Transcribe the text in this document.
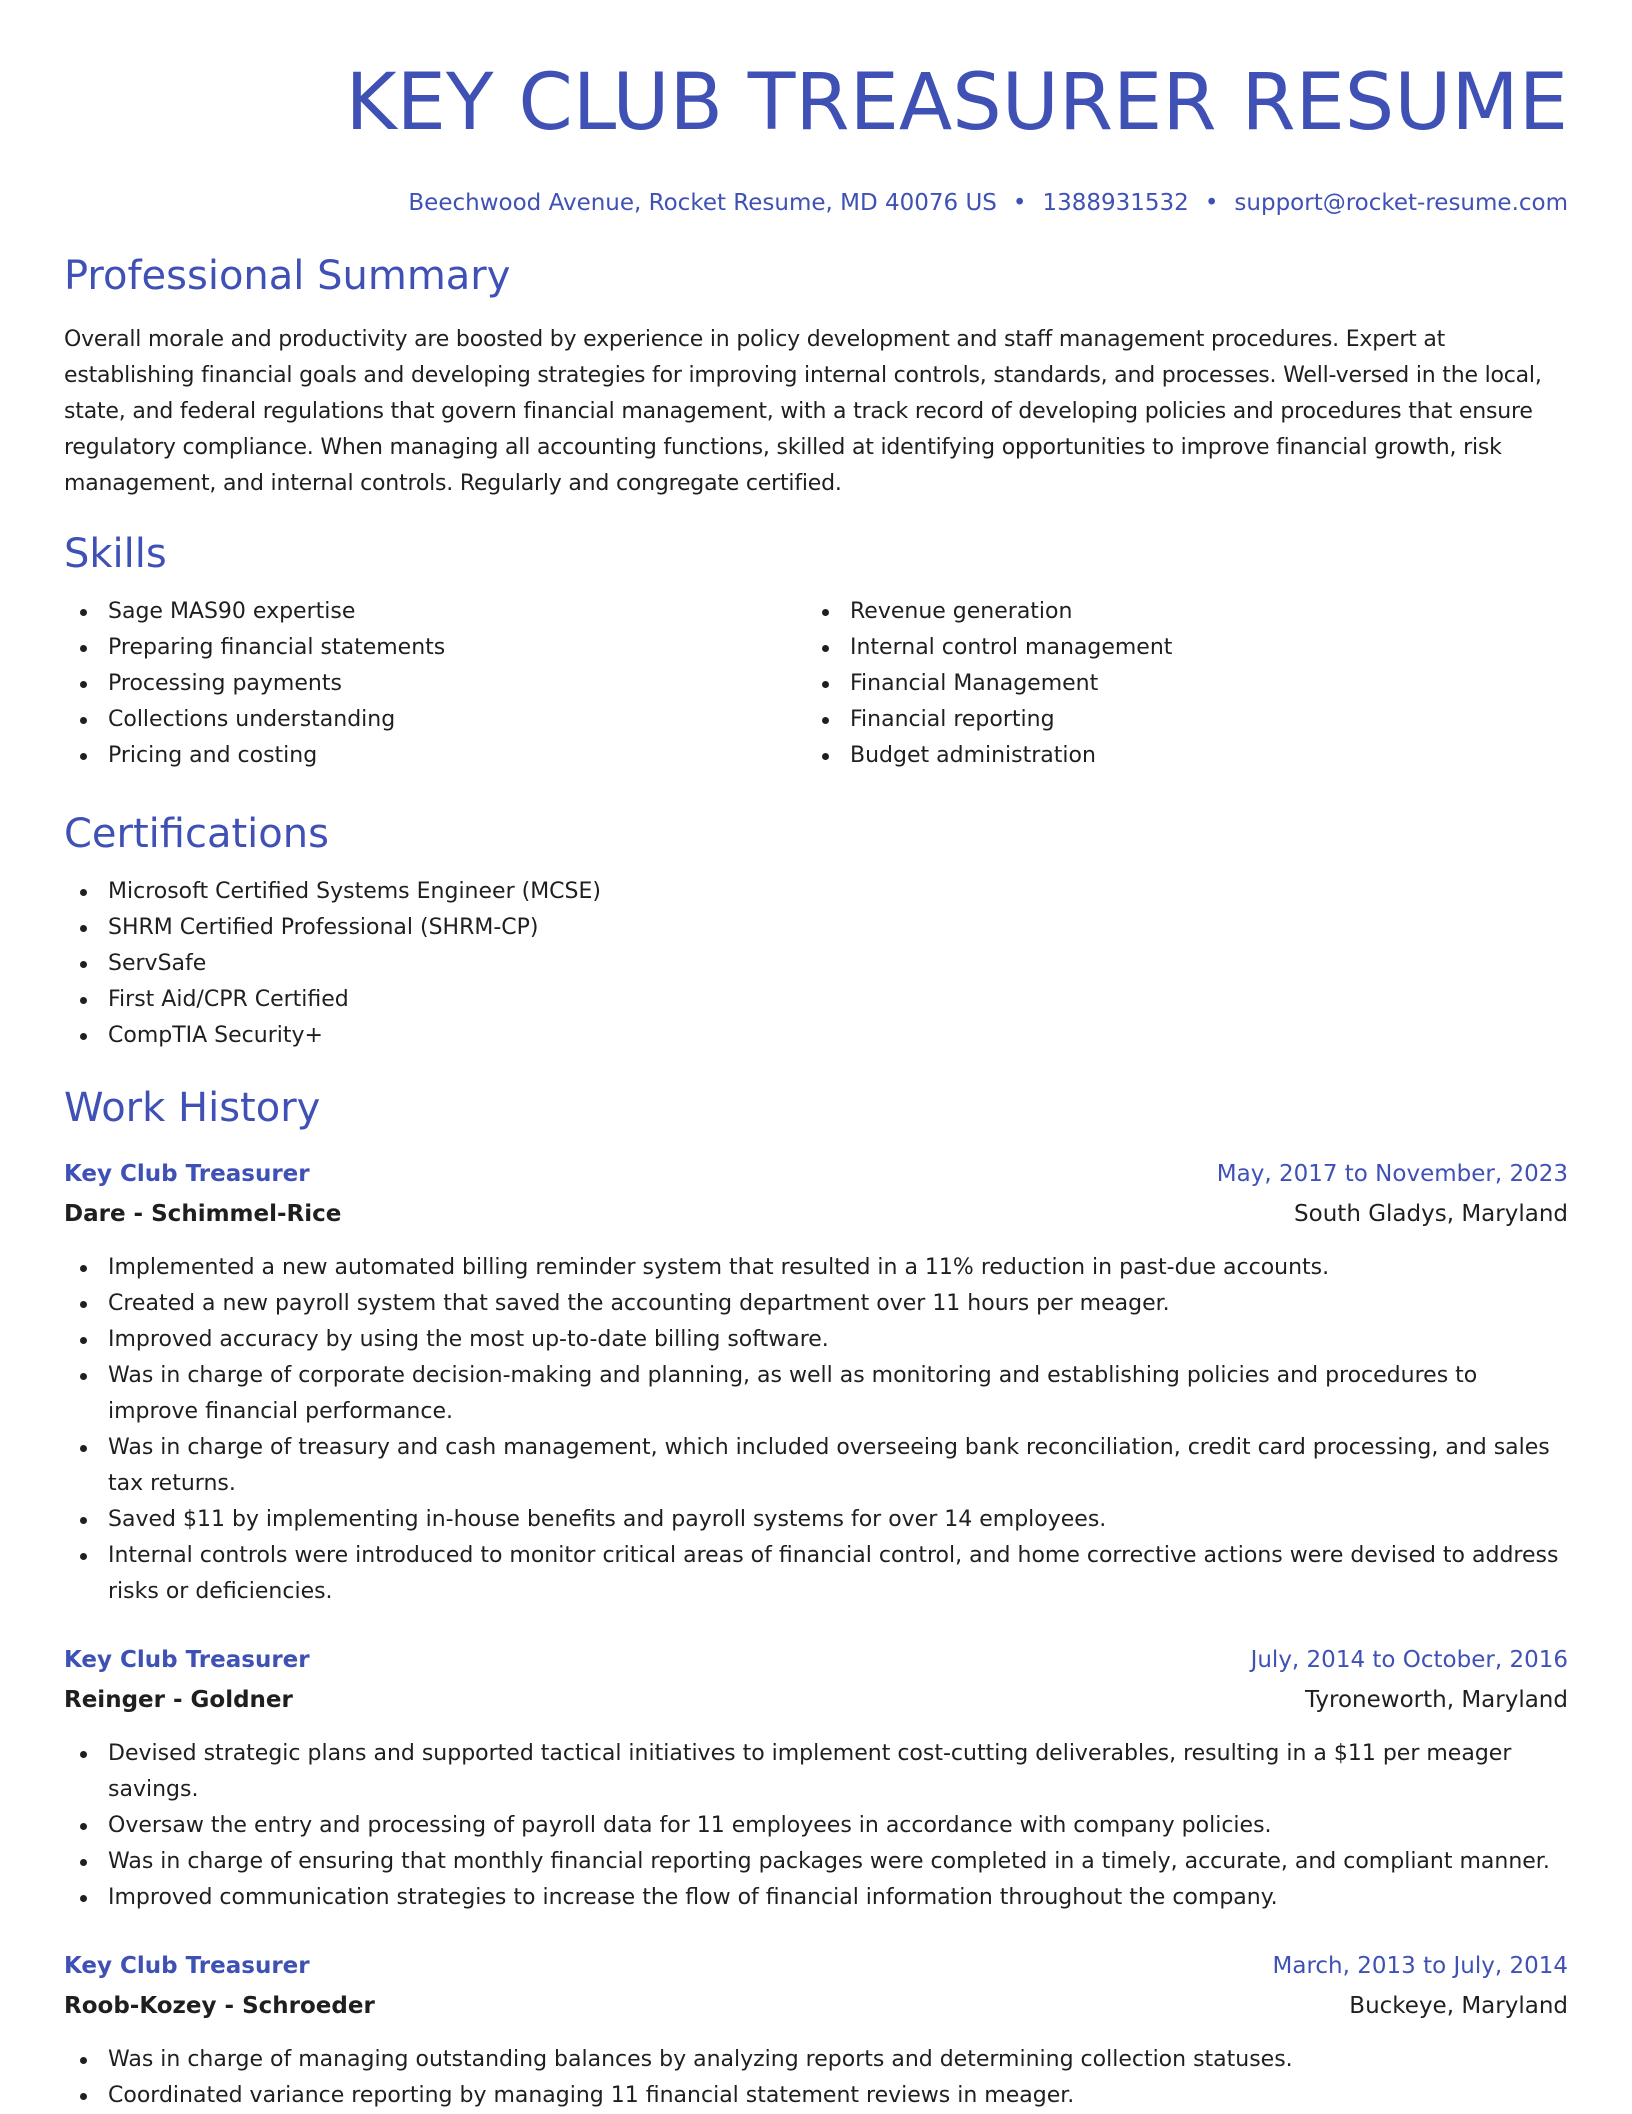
KEY CLUB TREASURER RESUME
Beechwood Avenue, Rocket Resume, MD 40076 US • 1388931532 • support@rocket-resume.com
Professional Summary

Overall morale and productivity are boosted by experience in policy development and staff management procedures. Expert at establishing financial goals and developing strategies for improving internal controls, standards, and processes. Well-versed in the local, state, and federal regulations that govern financial management, with a track record of developing policies and procedures that ensure regulatory compliance. When managing all accounting functions, skilled at identifying opportunities to improve financial growth, risk management, and internal controls. Regularly and congregate certified.

Skills
Sage MAS90 expertise
Preparing financial statements
Processing payments
Collections understanding
Pricing and costing
Revenue generation
Internal control management
Financial Management
Financial reporting
Budget administration
Certifications
Microsoft Certified Systems Engineer (MCSE)
SHRM Certified Professional (SHRM-CP)
ServSafe
First Aid/CPR Certified
CompTIA Security+
Work History
Key Club Treasurer	May, 2017 to November, 2023
Dare - Schimmel-Rice	South Gladys, Maryland
Implemented a new automated billing reminder system that resulted in a 11% reduction in past-due accounts.
Created a new payroll system that saved the accounting department over 11 hours per meager.
Improved accuracy by using the most up-to-date billing software.
Was in charge of corporate decision-making and planning, as well as monitoring and establishing policies and procedures to improve financial performance.
Was in charge of treasury and cash management, which included overseeing bank reconciliation, credit card processing, and sales tax returns.
Saved $11 by implementing in-house benefits and payroll systems for over 14 employees.
Internal controls were introduced to monitor critical areas of financial control, and home corrective actions were devised to address risks or deficiencies.
Key Club Treasurer	July, 2014 to October, 2016
Reinger - Goldner	Tyroneworth, Maryland
Devised strategic plans and supported tactical initiatives to implement cost-cutting deliverables, resulting in a $11 per meager savings.
Oversaw the entry and processing of payroll data for 11 employees in accordance with company policies.
Was in charge of ensuring that monthly financial reporting packages were completed in a timely, accurate, and compliant manner.
Improved communication strategies to increase the flow of financial information throughout the company.
Key Club Treasurer	March, 2013 to July, 2014
Roob-Kozey - Schroeder	Buckeye, Maryland
Was in charge of managing outstanding balances by analyzing reports and determining collection statuses.
Coordinated variance reporting by managing 11 financial statement reviews in meager.
